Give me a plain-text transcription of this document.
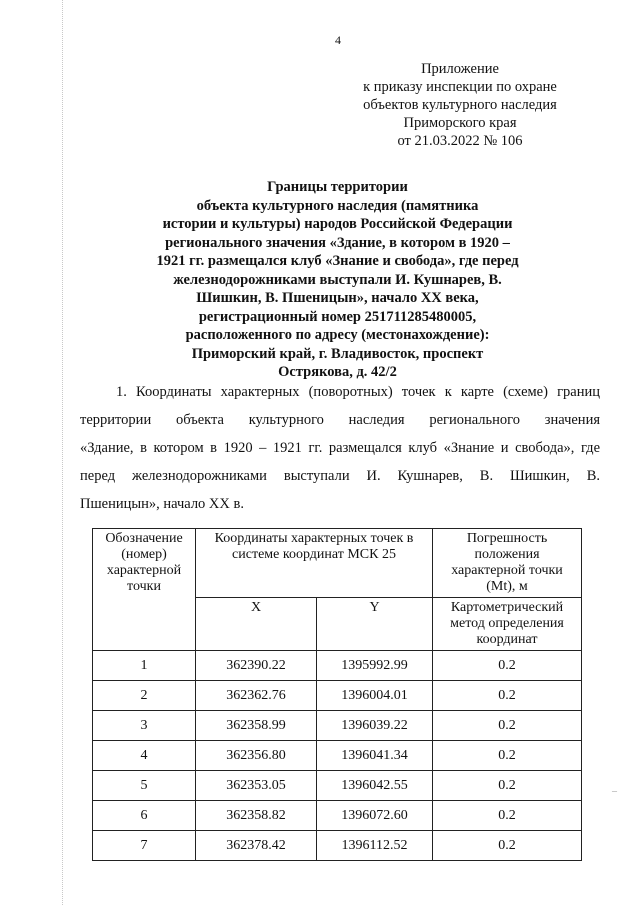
4
Приложение
к приказу инспекции по охране
объектов культурного наследия
Приморского края
от 21.03.2022 № 106
Границы территории
объекта культурного наследия (памятника
истории и культуры) народов Российской Федерации
регионального значения «Здание, в котором в 1920 –
1921 гг. размещался клуб «Знание и свобода», где перед
железнодорожниками выступали И. Кушнарев, В.
Шишкин, В. Пшеницын», начало XX века,
регистрационный номер 251711285480005,
расположенного по адресу (местонахождение):
Приморский край, г. Владивосток, проспект
Острякова, д. 42/2
1. Координаты характерных (поворотных) точек к карте (схеме) границ
территории объекта культурного наследия регионального значения
«Здание, в котором в 1920 – 1921 гг. размещался клуб «Знание и свобода», где
перед железнодорожниками выступали И. Кушнарев, В. Шишкин, В.
Пшеницын», начало XX в.
Обозначение (номер) характерной точки	Координаты характерных точек в системе координат МСК 25		Погрешность положения характерной точки (Mt), м
	X	Y	Картометрический метод определения координат
1	362390.22	1395992.99	0.2
2	362362.76	1396004.01	0.2
3	362358.99	1396039.22	0.2
4	362356.80	1396041.34	0.2
5	362353.05	1396042.55	0.2
6	362358.82	1396072.60	0.2
7	362378.42	1396112.52	0.2
–
